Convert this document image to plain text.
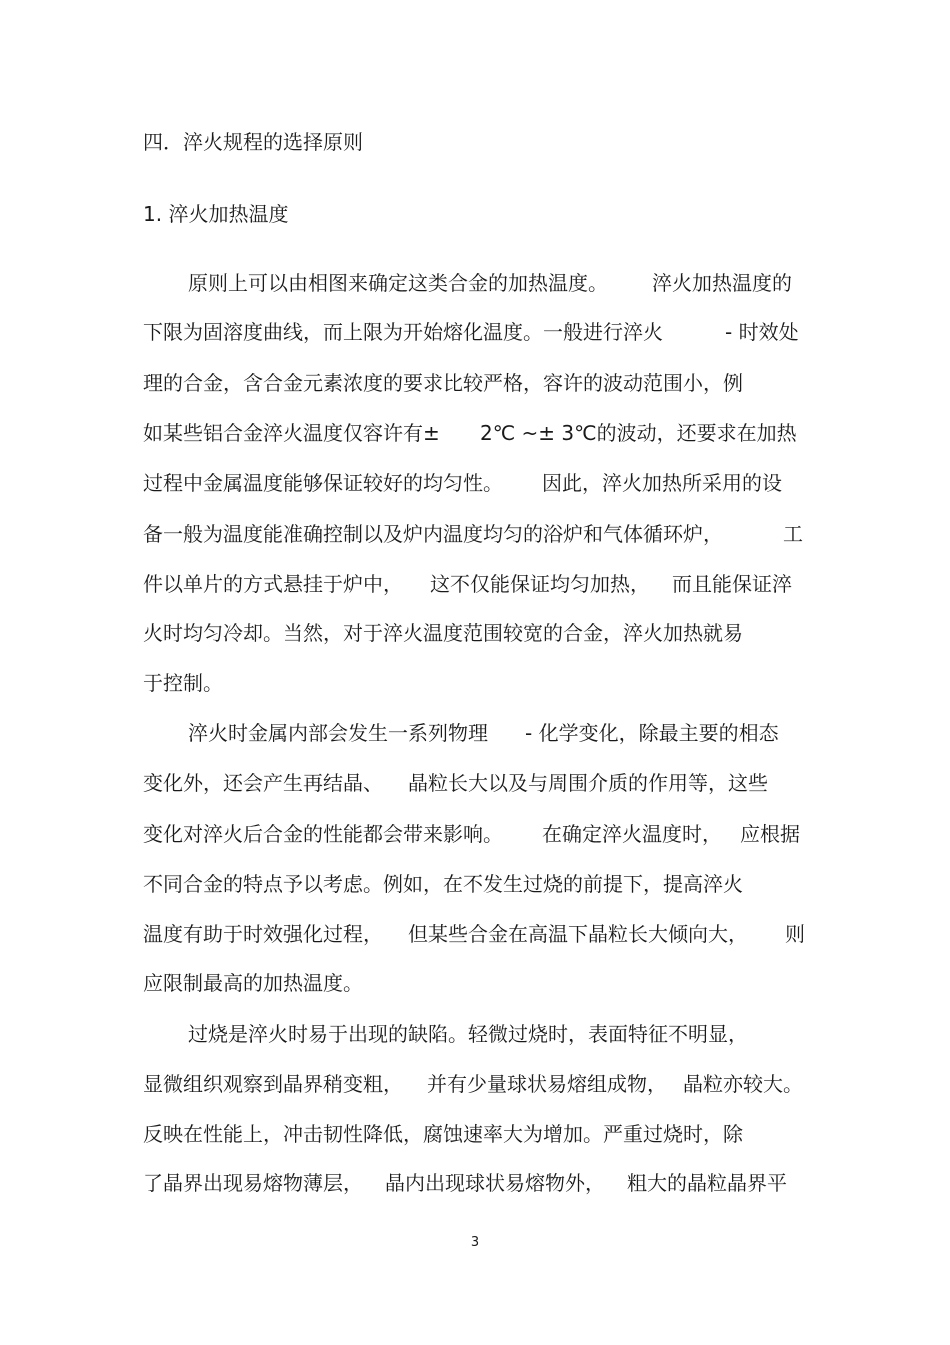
四．淬火规程的选择原则
1. 淬火加热温度

原则上可以由相图来确定这类合金的加热温度。

淬火加热温度的

下限为固溶度曲线，而上限为开始熔化温度。一般进行淬火

	- 时效处

理的合金，含合金元素浓度的要求比较严格，容许的波动范围小，例

如某些铝合金淬火温度仅容许有±

2℃ ~± 3℃的波动，还要求在加热

过程中金属温度能够保证较好的均匀性。

因此，淬火加热所采用的设

备一般为温度能准确控制以及炉内温度均匀的浴炉和气体循环炉，

	工

件以单片的方式悬挂于炉中，

这不仅能保证均匀加热，

而且能保证淬

火时均匀冷却。当然，对于淬火温度范围较宽的合金，淬火加热就易

于控制。

淬火时金属内部会发生一系列物理

- 化学变化，除最主要的相态

变化外，还会产生再结晶、

晶粒长大以及与周围介质的作用等，这些

变化对淬火后合金的性能都会带来影响。

在确定淬火温度时，

应根据

不同合金的特点予以考虑。例如，在不发生过烧的前提下，提高淬火

温度有助于时效强化过程，

但某些合金在高温下晶粒长大倾向大，

则

应限制最高的加热温度。

过烧是淬火时易于出现的缺陷。轻微过烧时，表面特征不明显，

显微组织观察到晶界稍变粗，

并有少量球状易熔组成物，

晶粒亦较大。

反映在性能上，冲击韧性降低，腐蚀速率大为增加。严重过烧时，除

了晶界出现易熔物薄层，

晶内出现球状易熔物外，

粗大的晶粒晶界平

3
